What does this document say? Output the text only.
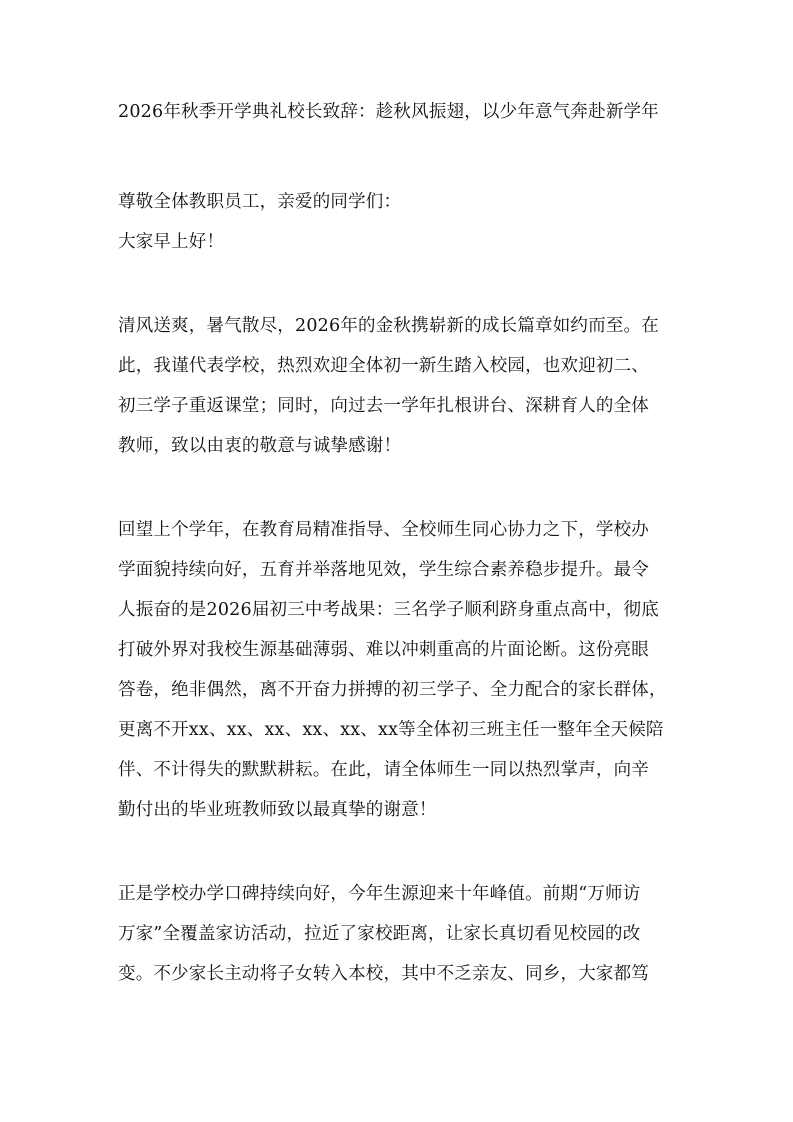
2026年秋季开学典礼校长致辞：趁秋风振翅，以少年意气奔赴新学年
尊敬全体教职员工，亲爱的同学们：
大家早上好！
清风送爽，暑气散尽，2026年的金秋携崭新的成长篇章如约而至。在
此，我谨代表学校，热烈欢迎全体初一新生踏入校园，也欢迎初二、
初三学子重返课堂；同时，向过去一学年扎根讲台、深耕育人的全体
教师，致以由衷的敬意与诚挚感谢！
回望上个学年，在教育局精准指导、全校师生同心协力之下，学校办
学面貌持续向好，五育并举落地见效，学生综合素养稳步提升。最令
人振奋的是2026届初三中考战果：三名学子顺利跻身重点高中，彻底
打破外界对我校生源基础薄弱、难以冲刺重高的片面论断。这份亮眼
答卷，绝非偶然，离不开奋力拼搏的初三学子、全力配合的家长群体，
更离不开xx、xx、xx、xx、xx、xx等全体初三班主任一整年全天候陪
伴、不计得失的默默耕耘。在此，请全体师生一同以热烈掌声，向辛
勤付出的毕业班教师致以最真挚的谢意！
正是学校办学口碑持续向好，今年生源迎来十年峰值。前期“万师访
万家”全覆盖家访活动，拉近了家校距离，让家长真切看见校园的改
变。不少家长主动将子女转入本校，其中不乏亲友、同乡，大家都笃
